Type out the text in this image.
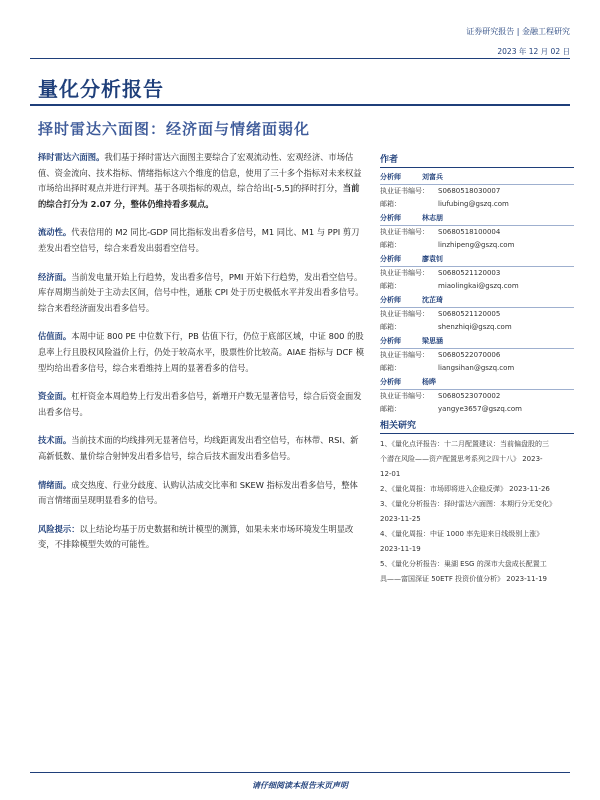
证券研究报告 | 金融工程研究
2023 年 12 月 02 日
量化分析报告
择时雷达六面图：经济面与情绪面弱化
择时雷达六面图。我们基于择时雷达六面图主要综合了宏观流动性、宏观经济、市场估值、资金流向、技术指标、情绪指标这六个维度的信息，使用了三十多个指标对未来权益市场给出择时观点并进行评判。基于各项指标的观点，综合给出[-5,5]的择时打分，当前的综合打分为 2.07 分，整体仍维持看多观点。
流动性。代表信用的 M2 同比-GDP 同比指标发出看多信号，M1 同比、M1 与 PPI 剪刀差发出看空信号，综合来看发出弱看空信号。
经济面。当前发电量开始上行趋势，发出看多信号，PMI 开始下行趋势，发出看空信号。库存周期当前处于主动去区间，信号中性，通胀 CPI 处于历史极低水平并发出看多信号。综合来看经济面发出看多信号。
估值面。本周中证 800 PE 中位数下行，PB 估值下行，仍位于底部区域，中证 800 的股息率上行且股权风险溢价上行，仍处于较高水平，股票性价比较高。AIAE 指标与 DCF 模型均给出看多信号，综合来看维持上周的显著看多的信号。
资金面。杠杆资金本周趋势上行发出看多信号，新增开户数无显著信号，综合后资金面发出看多信号。
技术面。当前技术面的均线排列无显著信号，均线距离发出看空信号，布林带、RSI、新高新低数、量价综合射钟发出看多信号，综合后技术面发出看多信号。
情绪面。成交热度、行业分歧度、认购认沽成交比率和 SKEW 指标发出看多信号，整体而言情绪面呈现明显看多的信号。
风险提示：以上结论均基于历史数据和统计模型的测算，如果未来市场环境发生明显改变，不排除模型失效的可能性。
作者
分析师	刘富兵
执业证书编号： S0680518030007
邮箱：	liufubing@gszq.com
分析师	林志朋
执业证书编号： S0680518100004
邮箱：	linzhipeng@gszq.com
分析师	廖袁钊
执业证书编号： S0680521120003
邮箱：	miaolingkai@gszq.com
分析师	沈芷琦
执业证书编号： S0680521120005
邮箱：	shenzhiqi@gszq.com
分析师	梁思涵
执业证书编号： S0680522070006
邮箱：	liangsihan@gszq.com
分析师	杨晔
执业证书编号： S0680523070002
邮箱：	yangye3657@gszq.com
相关研究
1、《量化点评报告：十二月配置建议：当前偏盘股的三
个潜在风险——资产配置思考系列之四十八》 2023-
12-01
2、《量化周报：市场即将进入企稳反弹》 2023-11-26
3、《量化分析报告：择时雷达六面图：本期行分无变化》
2023-11-25
4、《量化周报：中证 1000 率先迎来日线级别上涨》
2023-11-19
5、《量化分析报告：巢湖 ESG 的深市大盘成长配置工
具——富国深证 50ETF 投资价值分析》 2023-11-19
请仔细阅读本报告末页声明
